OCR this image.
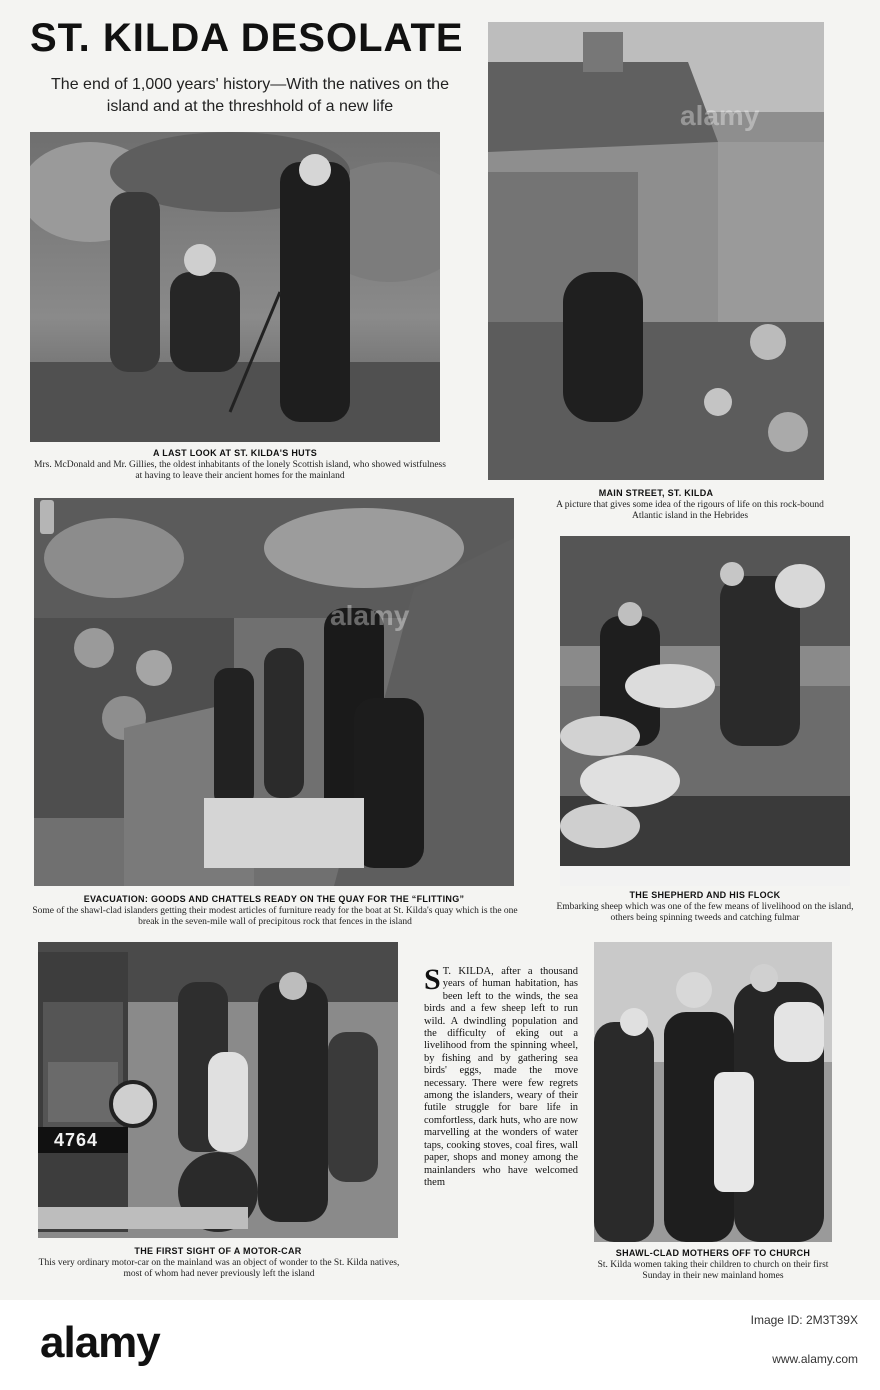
ST. KILDA DESOLATE
The end of 1,000 years' history—With the natives on the island and at the threshhold of a new life
A LAST LOOK AT ST. KILDA'S HUTS
Mrs. McDonald and Mr. Gillies, the oldest inhabitants of the lonely Scottish island, who showed wistfulness at having to leave their ancient homes for the mainland
MAIN STREET, ST. KILDA
A picture that gives some idea of the rigours of life on this rock-bound Atlantic island in the Hebrides
EVACUATION: GOODS AND CHATTELS READY ON THE QUAY FOR THE “FLITTING”
Some of the shawl-clad islanders getting their modest articles of furniture ready for the boat at St. Kilda's quay which is the one break in the seven-mile wall of precipitous rock that fences in the island
THE SHEPHERD AND HIS FLOCK
Embarking sheep which was one of the few means of livelihood on the island, others being spinning tweeds and catching fulmar
4764
THE FIRST SIGHT OF A MOTOR-CAR
This very ordinary motor-car on the mainland was an object of wonder to the St. Kilda natives, most of whom had never previously left the island
S T. KILDA, after a thousand years of human habitation, has been left to the winds, the sea birds and a few sheep left to run wild. A dwindling population and the difficulty of eking out a livelihood from the spinning wheel, by fishing and by gathering sea birds' eggs, made the move necessary. There were few regrets among the islanders, weary of their futile struggle for bare life in comfortless, dark huts, who are now marvelling at the wonders of water taps, cooking stoves, coal fires, wall paper, shops and money among the mainlanders who have welcomed them
SHAWL-CLAD MOTHERS OFF TO CHURCH
St. Kilda women taking their children to church on their first Sunday in their new mainland homes
alamy
alamy
alamy	Image ID: 2M3T39X
www.alamy.com
